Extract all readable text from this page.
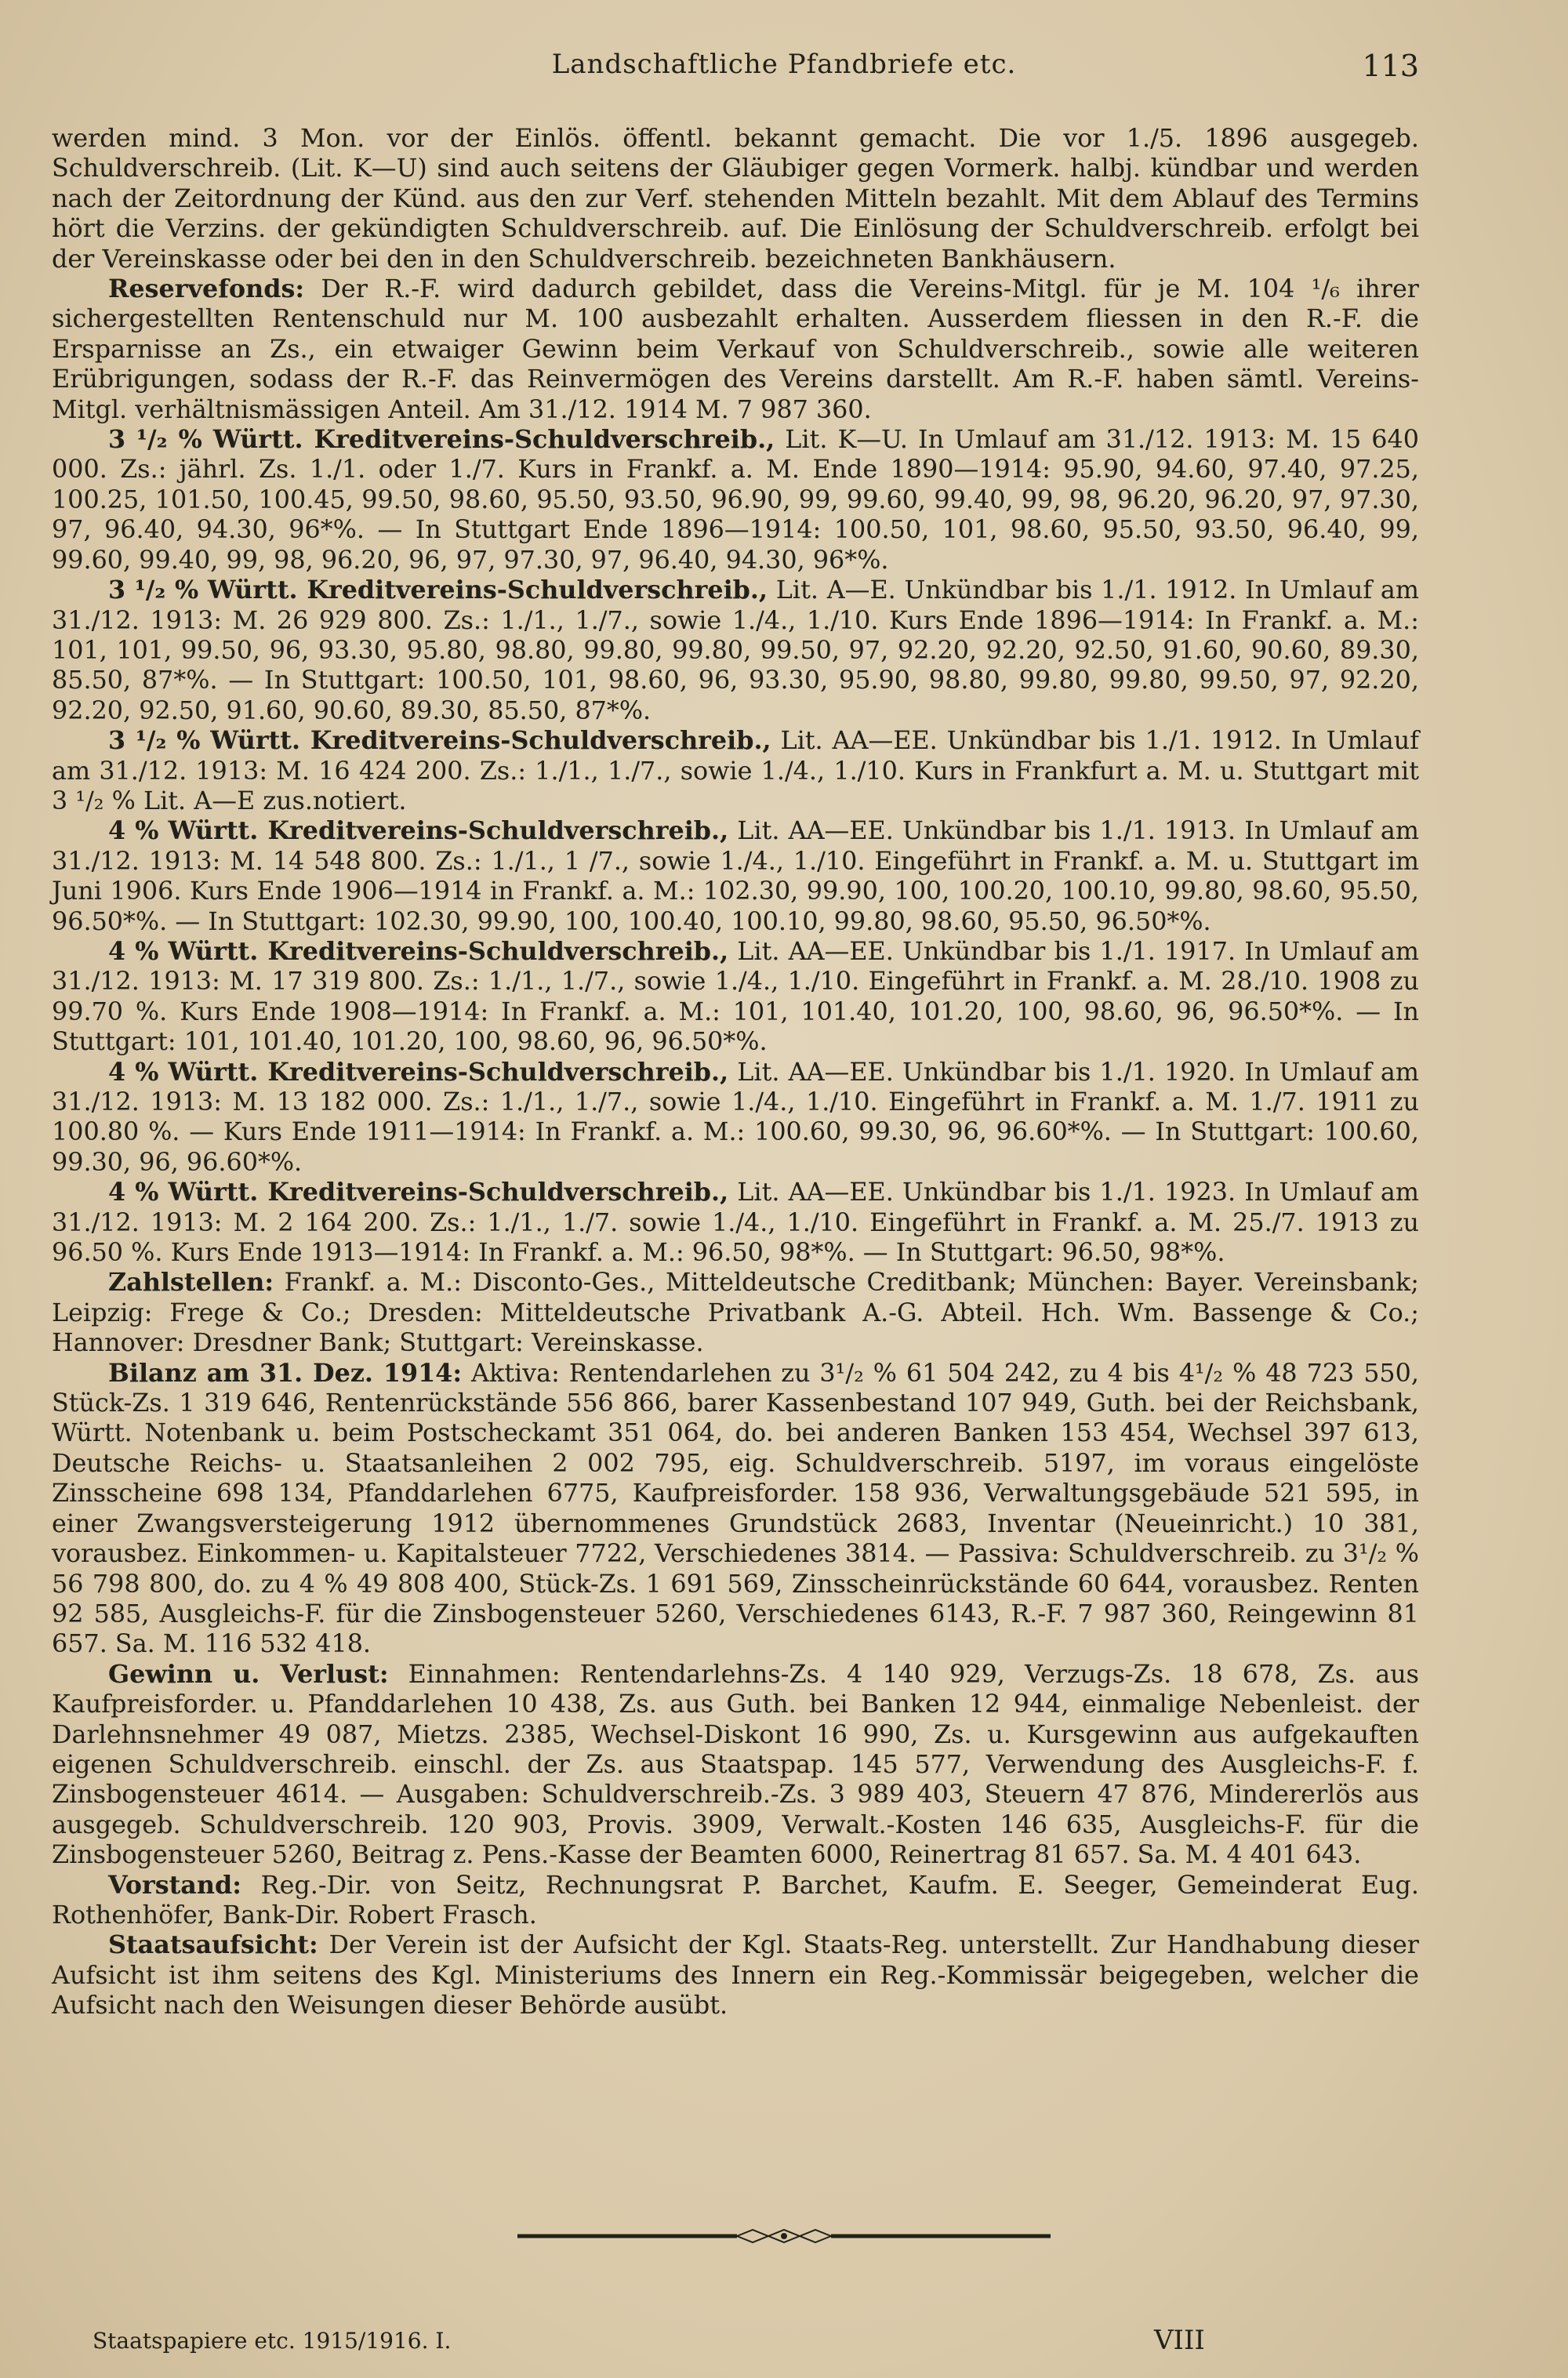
Landschaftliche Pfandbriefe etc.	113

werden mind. 3 Mon. vor der Einlös. öffentl. bekannt gemacht. Die vor 1./5. 1896 ausgegeb. Schuldverschreib. (Lit. K—U) sind auch seitens der Gläubiger gegen Vormerk. halbj. kündbar und werden nach der Zeitordnung der Künd. aus den zur Verf. stehenden Mitteln bezahlt. Mit dem Ablauf des Termins hört die Verzins. der gekündigten Schuldverschreib. auf. Die Einlösung der Schuldverschreib. erfolgt bei der Vereinskasse oder bei den in den Schuldverschreib. bezeichneten Bankhäusern.

Reservefonds: Der R.-F. wird dadurch gebildet, dass die Vereins-Mitgl. für je M. 104 ¹/₆ ihrer sichergestellten Rentenschuld nur M. 100 ausbezahlt erhalten. Ausserdem fliessen in den R.-F. die Ersparnisse an Zs., ein etwaiger Gewinn beim Verkauf von Schuldverschreib., sowie alle weiteren Erübrigungen, sodass der R.-F. das Reinvermögen des Vereins darstellt. Am R.-F. haben sämtl. Vereins-Mitgl. verhältnismässigen Anteil. Am 31./12. 1914 M. 7 987 360.

3 ¹/₂ % Württ. Kreditvereins-Schuldverschreib., Lit. K—U. In Umlauf am 31./12. 1913: M. 15 640 000. Zs.: jährl. Zs. 1./1. oder 1./7. Kurs in Frankf. a. M. Ende 1890—1914: 95.90, 94.60, 97.40, 97.25, 100.25, 101.50, 100.45, 99.50, 98.60, 95.50, 93.50, 96.90, 99, 99.60, 99.40, 99, 98, 96.20, 96.20, 97, 97.30, 97, 96.40, 94.30, 96*%. — In Stuttgart Ende 1896—1914: 100.50, 101, 98.60, 95.50, 93.50, 96.40, 99, 99.60, 99.40, 99, 98, 96.20, 96, 97, 97.30, 97, 96.40, 94.30, 96*%.

3 ¹/₂ % Württ. Kreditvereins-Schuldverschreib., Lit. A—E. Unkündbar bis 1./1. 1912. In Umlauf am 31./12. 1913: M. 26 929 800. Zs.: 1./1., 1./7., sowie 1./4., 1./10. Kurs Ende 1896—1914: In Frankf. a. M.: 101, 101, 99.50, 96, 93.30, 95.80, 98.80, 99.80, 99.80, 99.50, 97, 92.20, 92.20, 92.50, 91.60, 90.60, 89.30, 85.50, 87*%. — In Stuttgart: 100.50, 101, 98.60, 96, 93.30, 95.90, 98.80, 99.80, 99.80, 99.50, 97, 92.20, 92.20, 92.50, 91.60, 90.60, 89.30, 85.50, 87*%.

3 ¹/₂ % Württ. Kreditvereins-Schuldverschreib., Lit. AA—EE. Unkündbar bis 1./1. 1912. In Umlauf am 31./12. 1913: M. 16 424 200. Zs.: 1./1., 1./7., sowie 1./4., 1./10. Kurs in Frankfurt a. M. u. Stuttgart mit 3 ¹/₂ % Lit. A—E zus.notiert.

4 % Württ. Kreditvereins-Schuldverschreib., Lit. AA—EE. Unkündbar bis 1./1. 1913. In Umlauf am 31./12. 1913: M. 14 548 800. Zs.: 1./1., 1 /7., sowie 1./4., 1./10. Eingeführt in Frankf. a. M. u. Stuttgart im Juni 1906. Kurs Ende 1906—1914 in Frankf. a. M.: 102.30, 99.90, 100, 100.20, 100.10, 99.80, 98.60, 95.50, 96.50*%. — In Stuttgart: 102.30, 99.90, 100, 100.40, 100.10, 99.80, 98.60, 95.50, 96.50*%.

4 % Württ. Kreditvereins-Schuldverschreib., Lit. AA—EE. Unkündbar bis 1./1. 1917. In Umlauf am 31./12. 1913: M. 17 319 800. Zs.: 1./1., 1./7., sowie 1./4., 1./10. Eingeführt in Frankf. a. M. 28./10. 1908 zu 99.70 %. Kurs Ende 1908—1914: In Frankf. a. M.: 101, 101.40, 101.20, 100, 98.60, 96, 96.50*%. — In Stuttgart: 101, 101.40, 101.20, 100, 98.60, 96, 96.50*%.

4 % Württ. Kreditvereins-Schuldverschreib., Lit. AA—EE. Unkündbar bis 1./1. 1920. In Umlauf am 31./12. 1913: M. 13 182 000. Zs.: 1./1., 1./7., sowie 1./4., 1./10. Eingeführt in Frankf. a. M. 1./7. 1911 zu 100.80 %. — Kurs Ende 1911—1914: In Frankf. a. M.: 100.60, 99.30, 96, 96.60*%. — In Stuttgart: 100.60, 99.30, 96, 96.60*%.

4 % Württ. Kreditvereins-Schuldverschreib., Lit. AA—EE. Unkündbar bis 1./1. 1923. In Umlauf am 31./12. 1913: M. 2 164 200. Zs.: 1./1., 1./7. sowie 1./4., 1./10. Eingeführt in Frankf. a. M. 25./7. 1913 zu 96.50 %. Kurs Ende 1913—1914: In Frankf. a. M.: 96.50, 98*%. — In Stuttgart: 96.50, 98*%.

Zahlstellen: Frankf. a. M.: Disconto-Ges., Mitteldeutsche Creditbank; München: Bayer. Vereinsbank; Leipzig: Frege & Co.; Dresden: Mitteldeutsche Privatbank A.-G. Abteil. Hch. Wm. Bassenge & Co.; Hannover: Dresdner Bank; Stuttgart: Vereinskasse.

Bilanz am 31. Dez. 1914: Aktiva: Rentendarlehen zu 3¹/₂ % 61 504 242, zu 4 bis 4¹/₂ % 48 723 550, Stück-Zs. 1 319 646, Rentenrückstände 556 866, barer Kassenbestand 107 949, Guth. bei der Reichsbank, Württ. Notenbank u. beim Postscheckamt 351 064, do. bei anderen Banken 153 454, Wechsel 397 613, Deutsche Reichs- u. Staatsanleihen 2 002 795, eig. Schuldverschreib. 5197, im voraus eingelöste Zinsscheine 698 134, Pfanddarlehen 6775, Kaufpreisforder. 158 936, Verwaltungsgebäude 521 595, in einer Zwangsversteigerung 1912 übernommenes Grundstück 2683, Inventar (Neueinricht.) 10 381, vorausbez. Einkommen- u. Kapitalsteuer 7722, Verschiedenes 3814. — Passiva: Schuldverschreib. zu 3¹/₂ % 56 798 800, do. zu 4 % 49 808 400, Stück-Zs. 1 691 569, Zinsscheinrückstände 60 644, vorausbez. Renten 92 585, Ausgleichs-F. für die Zinsbogensteuer 5260, Verschiedenes 6143, R.-F. 7 987 360, Reingewinn 81 657. Sa. M. 116 532 418.

Gewinn u. Verlust: Einnahmen: Rentendarlehns-Zs. 4 140 929, Verzugs-Zs. 18 678, Zs. aus Kaufpreisforder. u. Pfanddarlehen 10 438, Zs. aus Guth. bei Banken 12 944, einmalige Nebenleist. der Darlehnsnehmer 49 087, Mietzs. 2385, Wechsel-Diskont 16 990, Zs. u. Kursgewinn aus aufgekauften eigenen Schuldverschreib. einschl. der Zs. aus Staatspap. 145 577, Verwendung des Ausgleichs-F. f. Zinsbogensteuer 4614. — Ausgaben: Schuldverschreib.-Zs. 3 989 403, Steuern 47 876, Mindererlös aus ausgegeb. Schuldverschreib. 120 903, Provis. 3909, Verwalt.-Kosten 146 635, Ausgleichs-F. für die Zinsbogensteuer 5260, Beitrag z. Pens.-Kasse der Beamten 6000, Reinertrag 81 657. Sa. M. 4 401 643.

Vorstand: Reg.-Dir. von Seitz, Rechnungsrat P. Barchet, Kaufm. E. Seeger, Gemeinderat Eug. Rothenhöfer, Bank-Dir. Robert Frasch.

Staatsaufsicht: Der Verein ist der Aufsicht der Kgl. Staats-Reg. unterstellt. Zur Handhabung dieser Aufsicht ist ihm seitens des Kgl. Ministeriums des Innern ein Reg.-Kommissär beigegeben, welcher die Aufsicht nach den Weisungen dieser Behörde ausübt.

Staatspapiere etc. 1915/1916. I.	VIII
